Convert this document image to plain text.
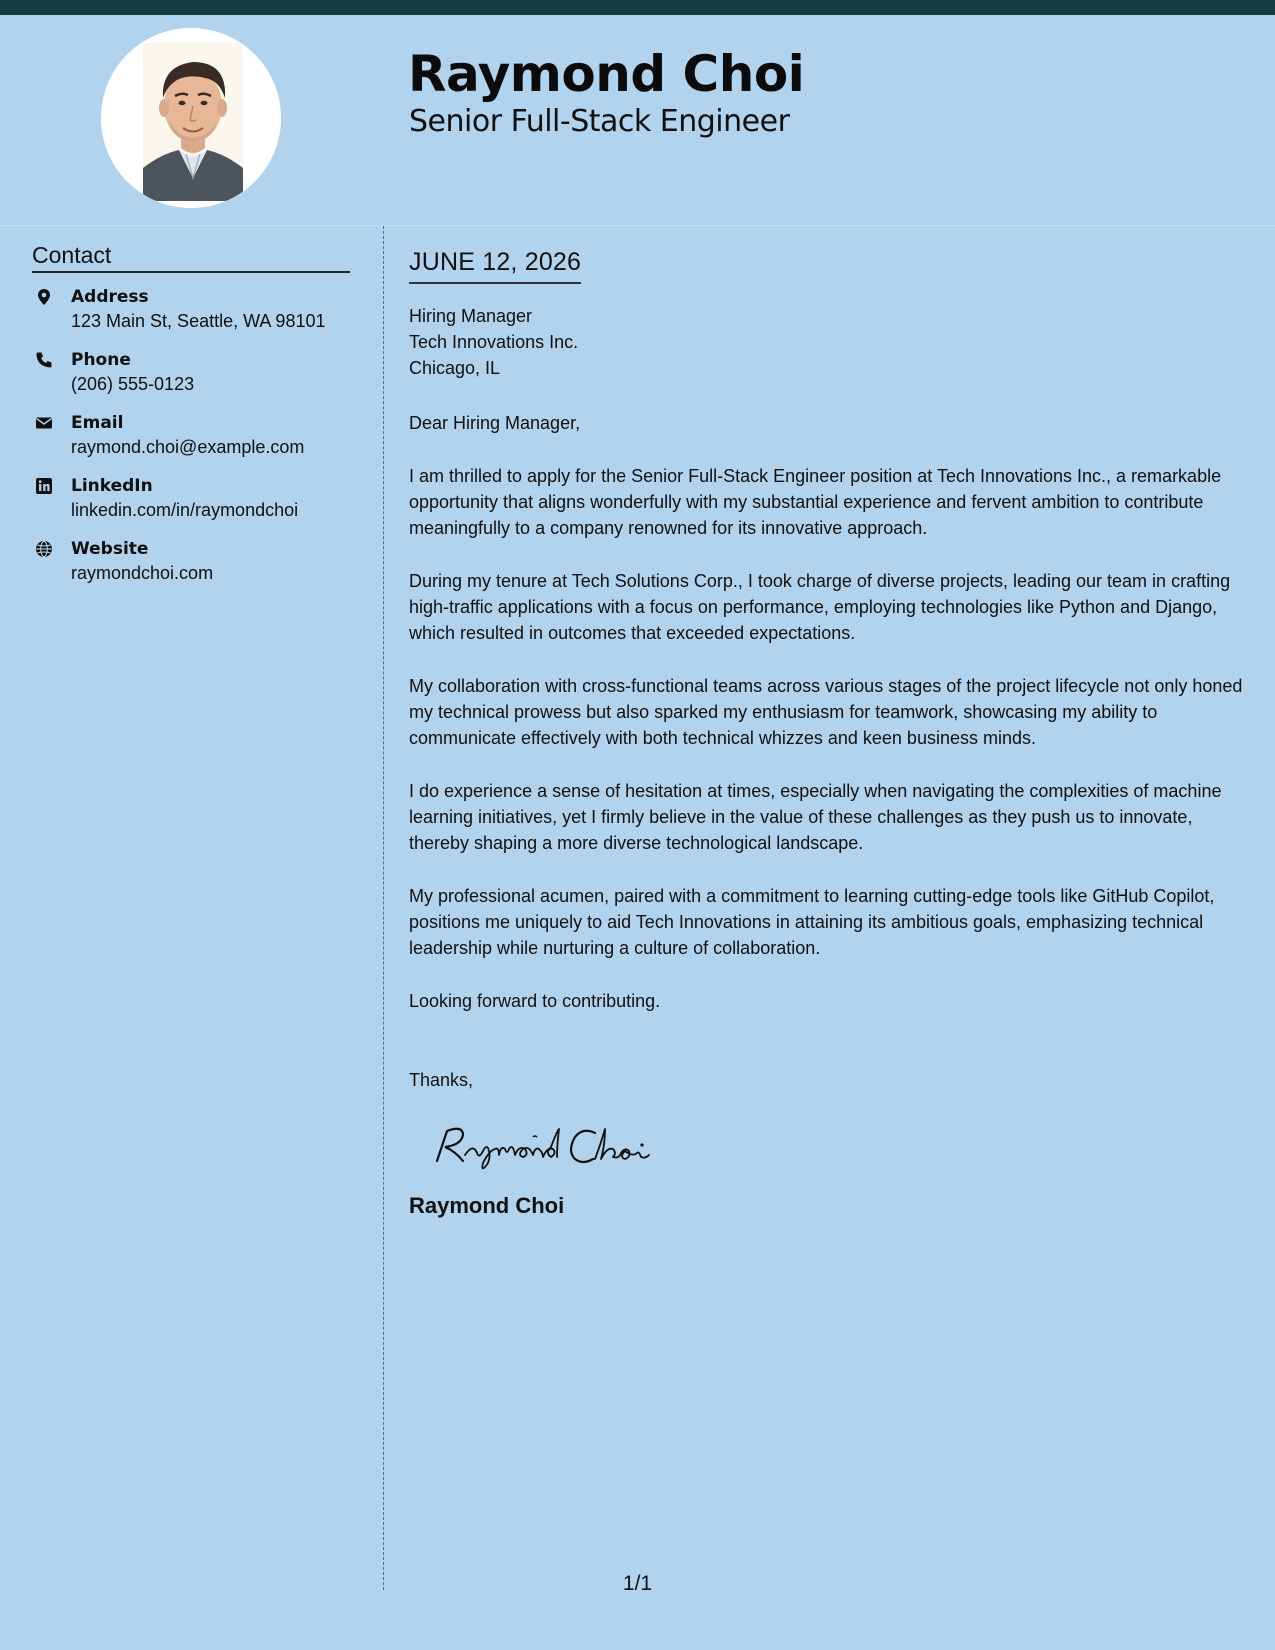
Raymond Choi
Senior Full-Stack Engineer
Contact
Address
123 Main St, Seattle, WA 98101
Phone
(206) 555-0123
Email
raymond.choi@example.com
LinkedIn
linkedin.com/in/raymondchoi
Website
raymondchoi.com
JUNE 12, 2026
Hiring Manager
Tech Innovations Inc.
Chicago, IL
Dear Hiring Manager,
I am thrilled to apply for the Senior Full-Stack Engineer position at Tech Innovations Inc., a remarkable opportunity that aligns wonderfully with my substantial experience and fervent ambition to contribute meaningfully to a company renowned for its innovative approach.
During my tenure at Tech Solutions Corp., I took charge of diverse projects, leading our team in crafting high-traffic applications with a focus on performance, employing technologies like Python and Django, which resulted in outcomes that exceeded expectations.
My collaboration with cross-functional teams across various stages of the project lifecycle not only honed my technical prowess but also sparked my enthusiasm for teamwork, showcasing my ability to communicate effectively with both technical whizzes and keen business minds.
I do experience a sense of hesitation at times, especially when navigating the complexities of machine learning initiatives, yet I firmly believe in the value of these challenges as they push us to innovate, thereby shaping a more diverse technological landscape.
My professional acumen, paired with a commitment to learning cutting-edge tools like GitHub Copilot, positions me uniquely to aid Tech Innovations in attaining its ambitious goals, emphasizing technical leadership while nurturing a culture of collaboration.
Looking forward to contributing.
Thanks,
Raymond Choi
1/1
